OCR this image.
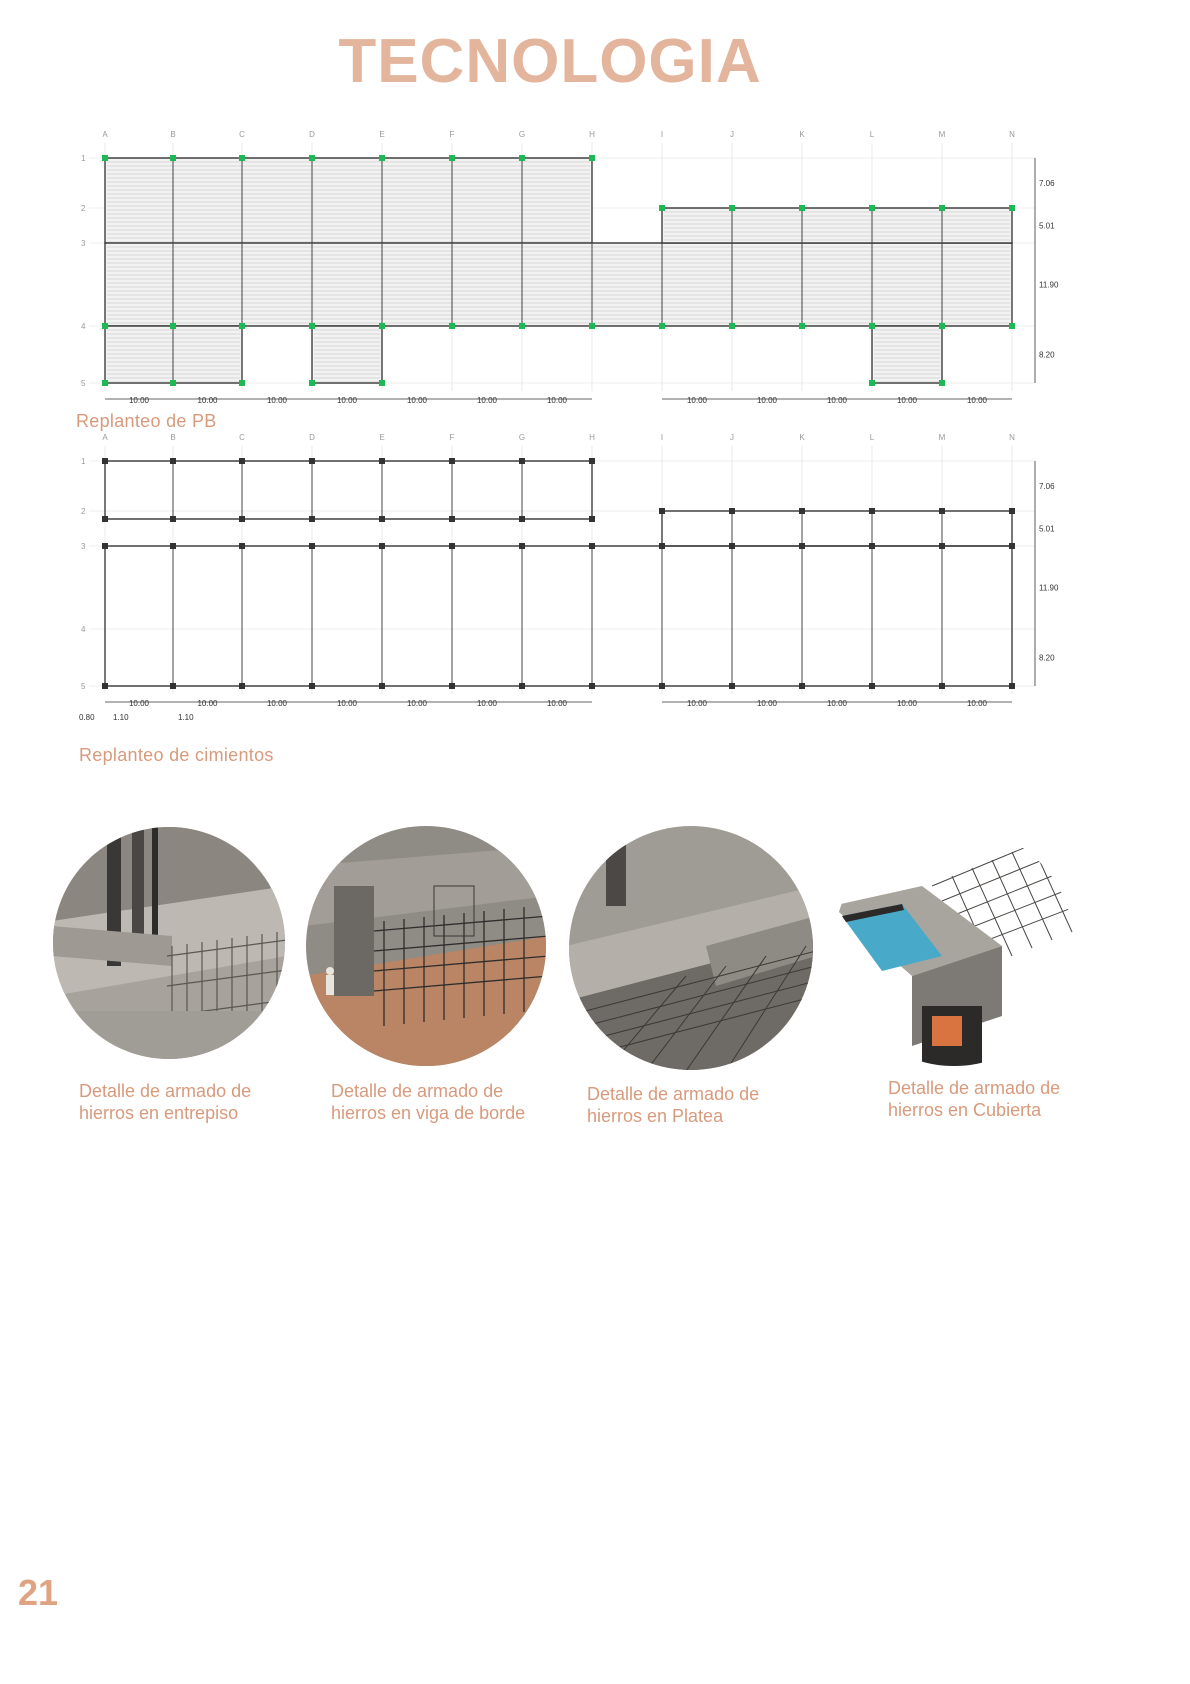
TECNOLOGIA
A	B	C	D	E	F	G	H	I	J	K	L	M	N
1
2
3
4
5
10.00	10.00	10.00	10.00	10.00	10.00	10.00	10.00	10.00	10.00	10.00	10.00
7.06
5.01
11.90
8.20
Replanteo de PB
A	B	C	D	E	F	G	H	I	J	K	L	M	N
1
2
3
4
5
10.00	10.00	10.00	10.00	10.00	10.00	10.00	10.00	10.00	10.00	10.00	10.00
7.06
5.01
11.90
8.20
0.80 1.10	1.10
Replanteo de cimientos
Detalle de armado de
hierros en entrepiso
Detalle de armado de
hierros en viga de borde
Detalle de armado de
hierros en Platea
Detalle de armado de
hierros en Cubierta
21
